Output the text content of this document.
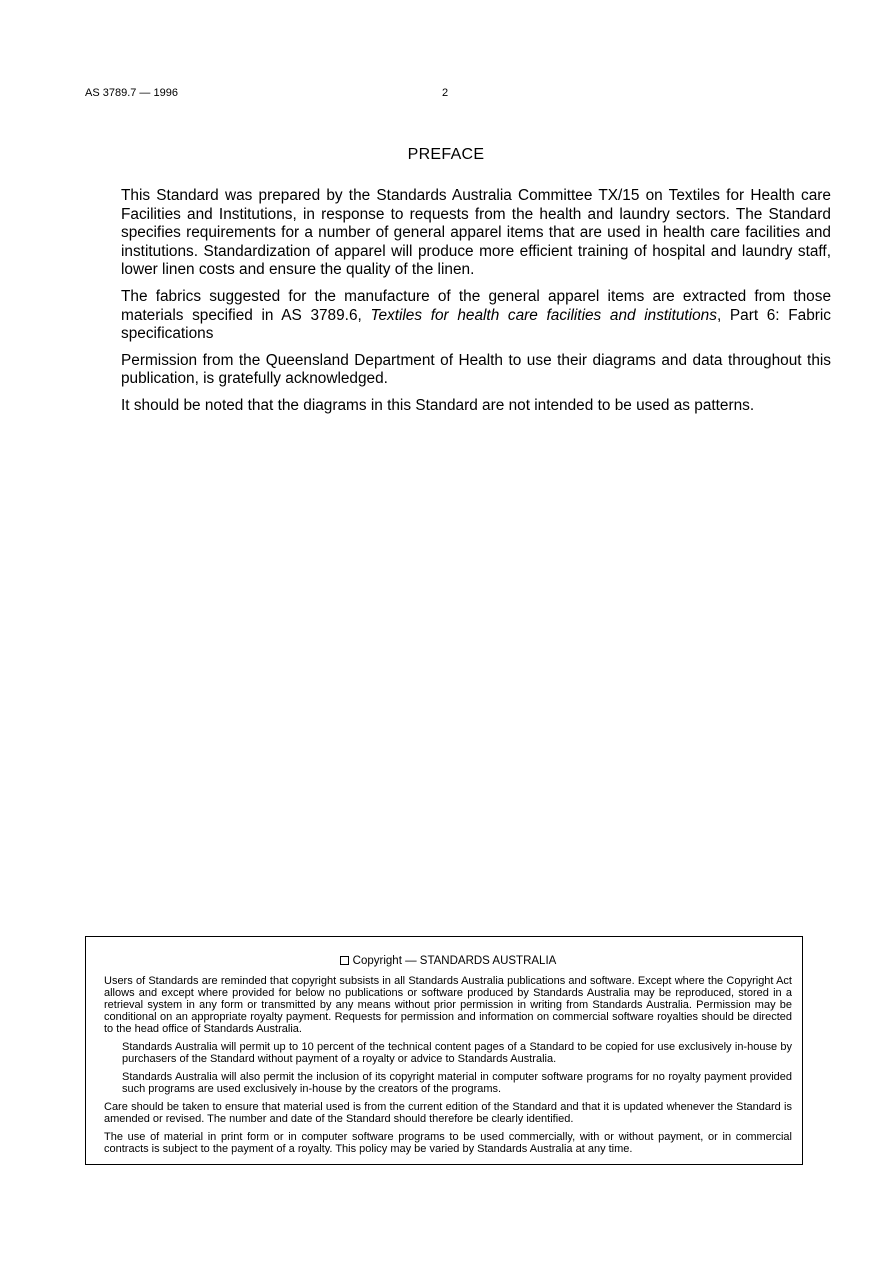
AS 3789.7 — 1996	2
PREFACE

This Standard was prepared by the Standards Australia Committee TX/15 on Textiles for Health care Facilities and Institutions, in response to requests from the health and laundry sectors. The Standard specifies requirements for a number of general apparel items that are used in health care facilities and institutions. Standardization of apparel will produce more efficient training of hospital and laundry staff, lower linen costs and ensure the quality of the linen.

The fabrics suggested for the manufacture of the general apparel items are extracted from those materials specified in AS 3789.6, Textiles for health care facilities and institutions, Part 6: Fabric specifications

Permission from the Queensland Department of Health to use their diagrams and data throughout this publication, is gratefully acknowledged.

It should be noted that the diagrams in this Standard are not intended to be used as patterns.

Copyright — STANDARDS AUSTRALIA

Users of Standards are reminded that copyright subsists in all Standards Australia publications and software. Except where the Copyright Act allows and except where provided for below no publications or software produced by Standards Australia may be reproduced, stored in a retrieval system in any form or transmitted by any means without prior permission in writing from Standards Australia. Permission may be conditional on an appropriate royalty payment. Requests for permission and information on commercial software royalties should be directed to the head office of Standards Australia.

Standards Australia will permit up to 10 percent of the technical content pages of a Standard to be copied for use exclusively in-house by purchasers of the Standard without payment of a royalty or advice to Standards Australia.

Standards Australia will also permit the inclusion of its copyright material in computer software programs for no royalty payment provided such programs are used exclusively in-house by the creators of the programs.

Care should be taken to ensure that material used is from the current edition of the Standard and that it is updated whenever the Standard is amended or revised. The number and date of the Standard should therefore be clearly identified.

The use of material in print form or in computer software programs to be used commercially, with or without payment, or in commercial contracts is subject to the payment of a royalty. This policy may be varied by Standards Australia at any time.
